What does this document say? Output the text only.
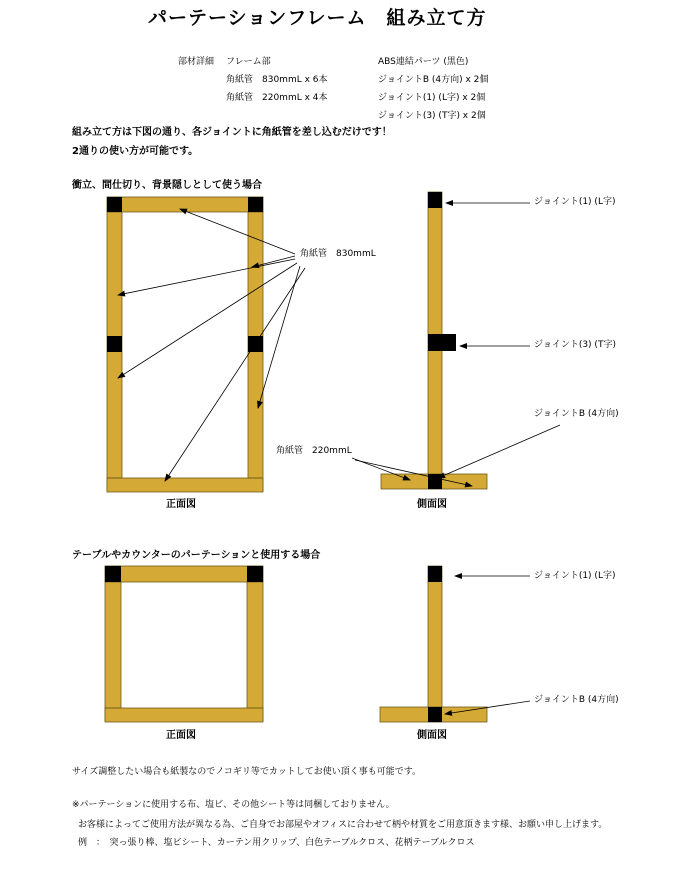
パーテーションフレーム　組み立て方
部材詳細 フレーム部
角紙管　830mmL x 6本
角紙管　220mmL x 4本
ABS連結パーツ (黒色)
ジョイントB (4方向) x 2個
ジョイント(1) (L字) x 2個
ジョイント(3) (T字) x 2個
組み立て方は下図の通り、各ジョイントに角紙管を差し込むだけです！
2通りの使い方が可能です。
衝立、間仕切り、背景隠しとして使う場合
テーブルやカウンターのパーテーションと使用する場合
角紙管　830mmL
角紙管　220mmL
ジョイント(1) (L字)
ジョイント(3) (T字)
ジョイントB (4方向)
正面図	側面図
ジョイント(1) (L字)
ジョイントB (4方向)
正面図	側面図
サイズ調整したい場合も紙製なのでノコギリ等でカットしてお使い頂く事も可能です。
※パーテーションに使用する布、塩ビ、その他シート等は同梱しておりません。
お客様によってご使用方法が異なる為、ご自身でお部屋やオフィスに合わせて柄や材質をご用意頂きます様、お願い申し上げます。
例　：　突っ張り棒、塩ビシート、カーテン用クリップ、白色テーブルクロス、花柄テーブルクロス
